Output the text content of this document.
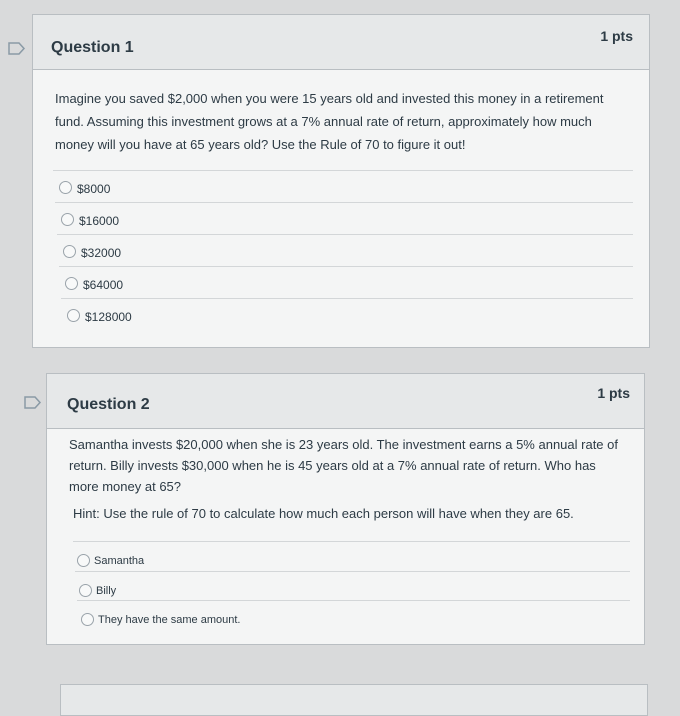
Question 1
1 pts
Imagine you saved $2,000 when you were 15 years old and invested this money in a retirement fund. Assuming this investment grows at a 7% annual rate of return, approximately how much money will you have at 65 years old? Use the Rule of 70 to figure it out!
$8000
$16000
$32000
$64000
$128000
Question 2
1 pts
Samantha invests $20,000 when she is 23 years old. The investment earns a 5% annual rate of return. Billy invests $30,000 when he is 45 years old at a 7% annual rate of return. Who has more money at 65?
Hint: Use the rule of 70 to calculate how much each person will have when they are 65.
Samantha
Billy
They have the same amount.
